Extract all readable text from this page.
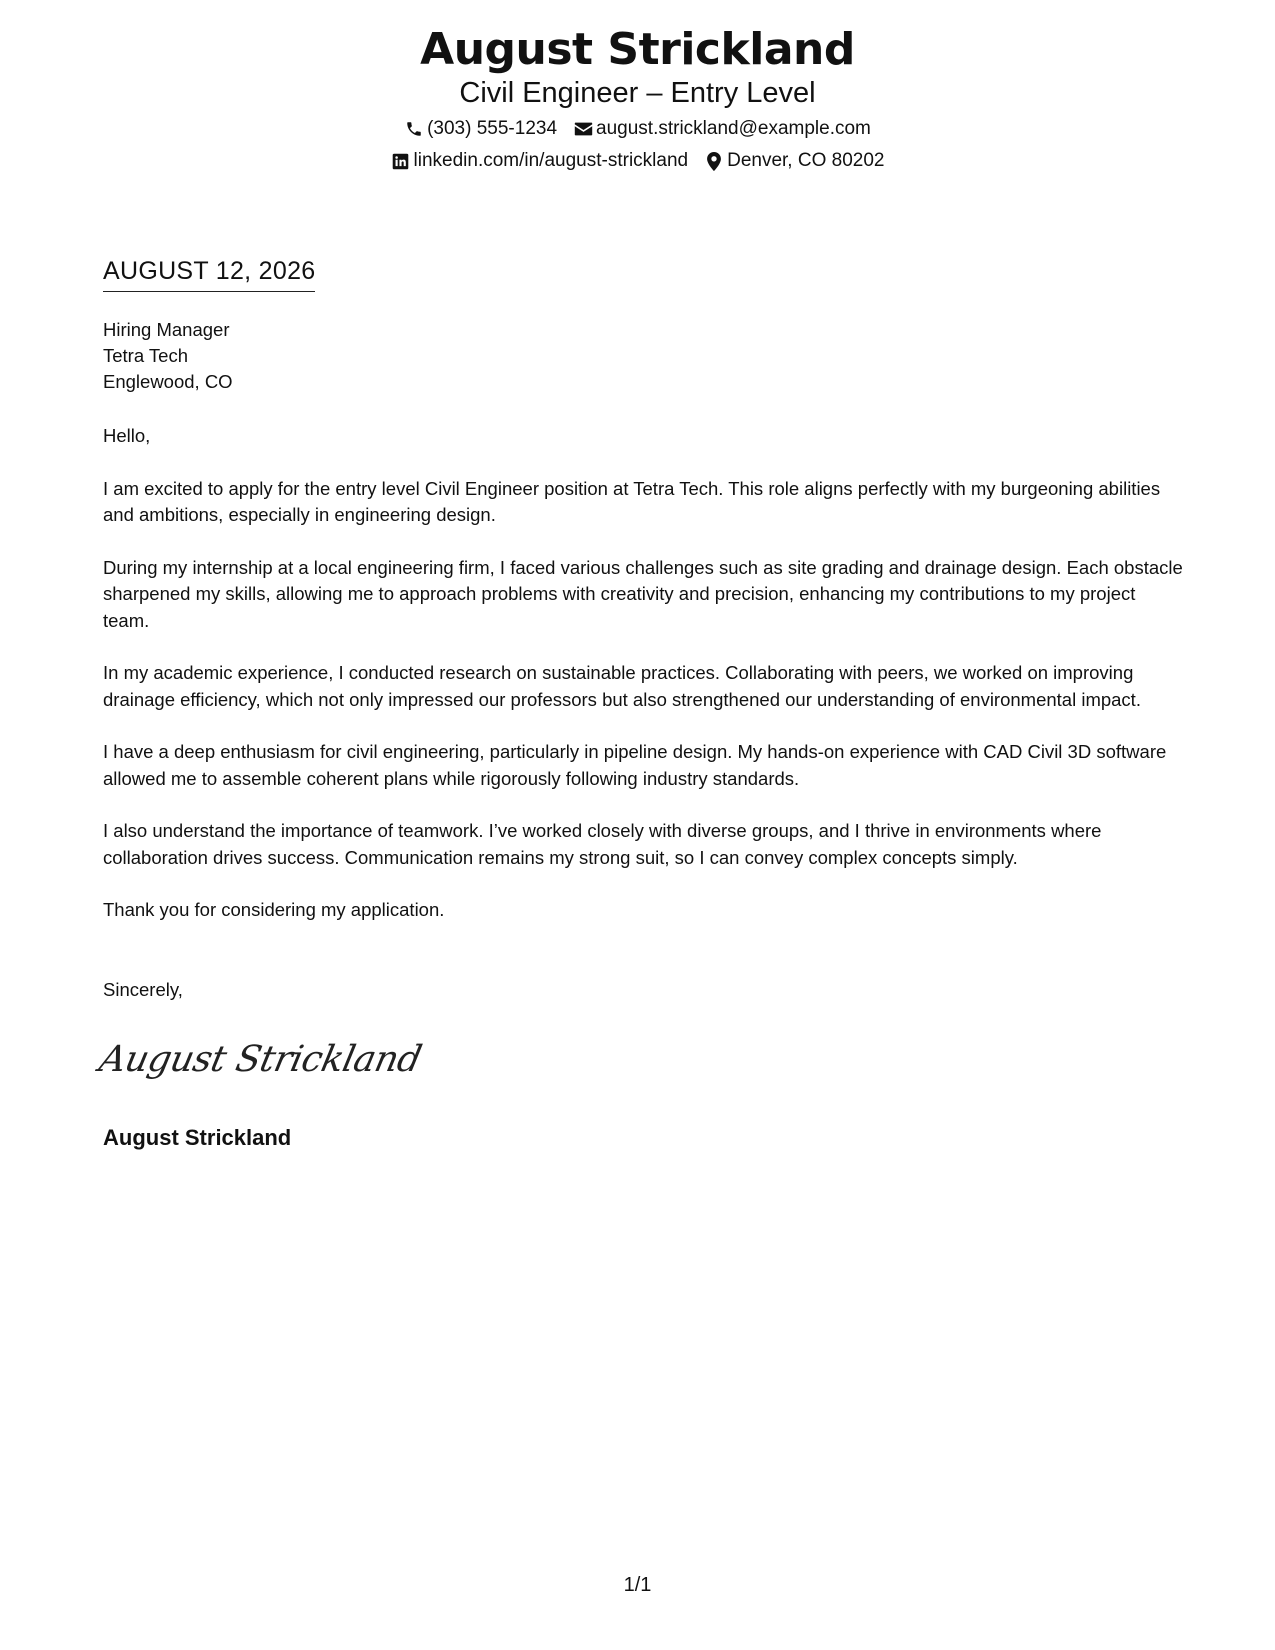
August Strickland
Civil Engineer – Entry Level
(303) 555-1234 august.strickland@example.com
linkedin.com/in/august-strickland Denver, CO 80202
AUGUST 12, 2026
Hiring Manager
Tetra Tech
Englewood, CO

Hello,

I am excited to apply for the entry level Civil Engineer position at Tetra Tech. This role aligns perfectly with my burgeoning abilities and ambitions, especially in engineering design.

During my internship at a local engineering firm, I faced various challenges such as site grading and drainage design. Each obstacle sharpened my skills, allowing me to approach problems with creativity and precision, enhancing my contributions to my project team.

In my academic experience, I conducted research on sustainable practices. Collaborating with peers, we worked on improving drainage efficiency, which not only impressed our professors but also strengthened our understanding of environmental impact.

I have a deep enthusiasm for civil engineering, particularly in pipeline design. My hands-on experience with CAD Civil 3D software allowed me to assemble coherent plans while rigorously following industry standards.

I also understand the importance of teamwork. I’ve worked closely with diverse groups, and I thrive in environments where collaboration drives success. Communication remains my strong suit, so I can convey complex concepts simply.

Thank you for considering my application.

Sincerely,
August Strickland
August Strickland
1/1
